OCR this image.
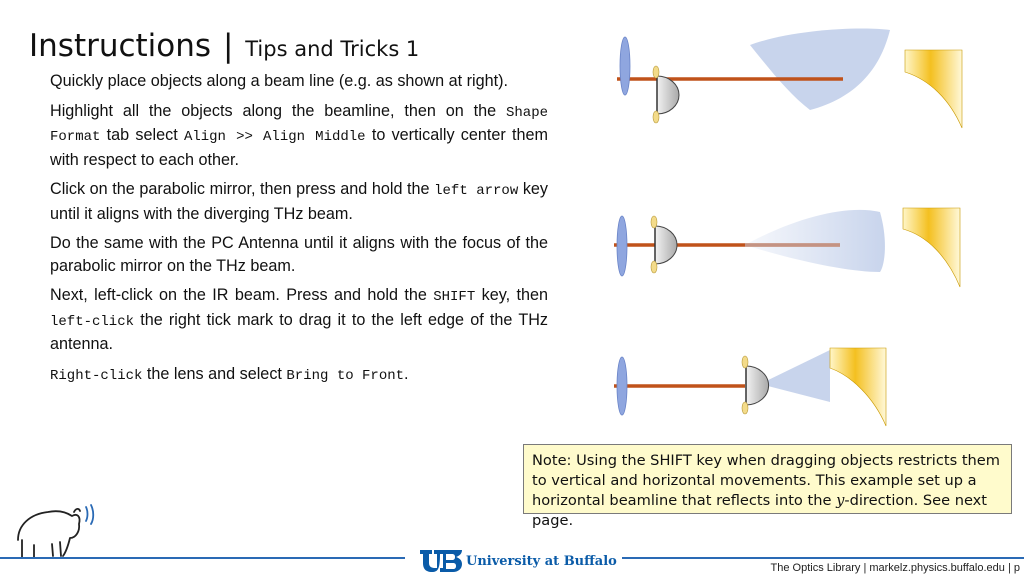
Instructions | Tips and Tricks 1

Quickly place objects along a beam line (e.g. as shown at right).

Highlight all the objects along the beamline, then on the Shape Format tab select Align >> Align Middle to vertically center them with respect to each other.

Click on the parabolic mirror, then press and hold the left arrow key until it aligns with the diverging THz beam.

Do the same with the PC Antenna until it aligns with the focus of the parabolic mirror on the THz beam.

Next, left-click on the IR beam. Press and hold the SHIFT key, then left-click the right tick mark to drag it to the left edge of the THz antenna.

Right-click the lens and select Bring to Front.

Note: Using the SHIFT key when dragging objects restricts them to vertical and horizontal movements. This example set up a horizontal beamline that reflects into the y-direction. See next page.
University at Buffalo	The Optics Library | markelz.physics.buffalo.edu | p
